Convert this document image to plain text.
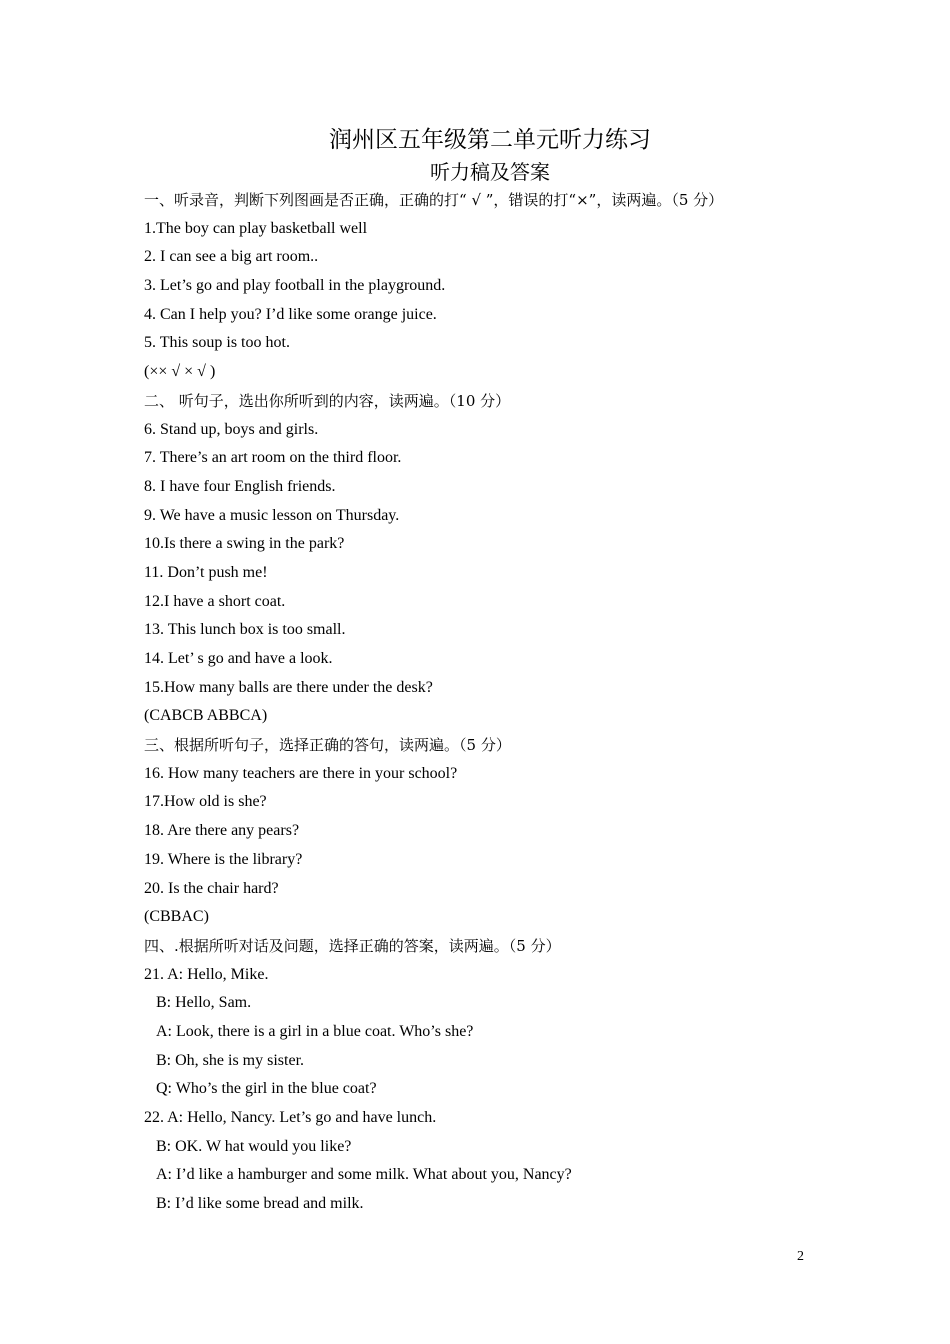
润州区五年级第二单元听力练习
听力稿及答案
一、听录音，判断下列图画是否正确，正确的打“ √ ”，错误的打“×”，读两遍。（5 分）
1.The boy can play basketball well
2. I can see a big art room..
3. Let’s go and play football in the playground.
4. Can I help you? I’d like some orange juice.
5. This soup is too hot.
(×× √ × √ )
二、 听句子，选出你所听到的内容，读两遍。（10 分）
6. Stand up, boys and girls.
7. There’s an art room on the third floor.
8. I have four English friends.
9. We have a music lesson on Thursday.
10.Is there a swing in the park?
11. Don’t push me!
12.I have a short coat.
13. This lunch box is too small.
14. Let’ s go and have a look.
15.How many balls are there under the desk?
(CABCB ABBCA)
三、根据所听句子，选择正确的答句，读两遍。（5 分）
16. How many teachers are there in your school?
17.How old is she?
18. Are there any pears?
19. Where is the library?
20. Is the chair hard?
(CBBAC)
四、.根据所听对话及问题，选择正确的答案，读两遍。（5 分）
21. A: Hello, Mike.
B: Hello, Sam.
A: Look, there is a girl in a blue coat. Who’s she?
B: Oh, she is my sister.
Q: Who’s the girl in the blue coat?
22. A: Hello, Nancy. Let’s go and have lunch.
B: OK. W hat would you like?
A: I’d like a hamburger and some milk. What about you, Nancy?
B: I’d like some bread and milk.
2
